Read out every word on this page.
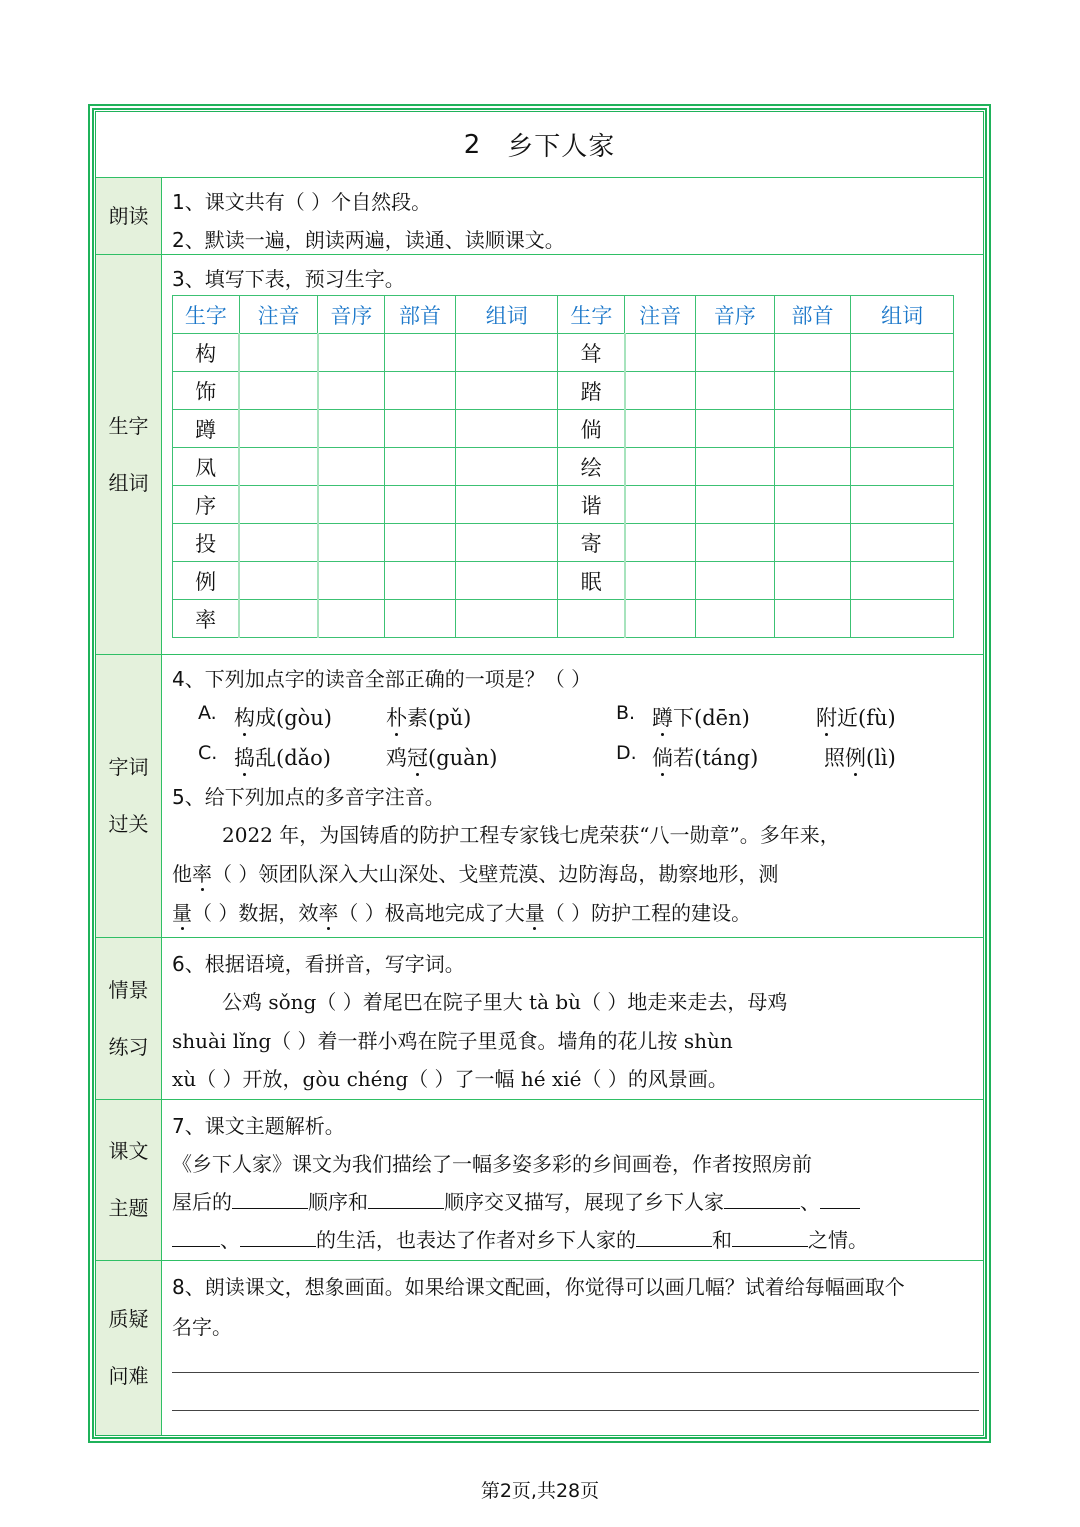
2 乡下人家
朗读
1、课文共有（ ）个自然段。
2、默读一遍，朗读两遍，读通、读顺课文。
生字
组词
3、填写下表，预习生字。
生字	注音	音序	部首	组词	生字	注音	音序	部首	组词
构					耸				
饰					踏				
蹲					倘				
凤					绘				
序					谐				
投					寄				
例					眠				
率									
字词
过关
4、下列加点字的读音全部正确的一项是？（ ）
A. 构成(gòu)	朴素(pǔ)	B. 蹲下(dēn)	附近(fù)
C. 捣乱(dǎo)	鸡冠(guàn)	D. 倘若(táng)	照例(lì)
5、给下列加点的多音字注音。
2022 年，为国铸盾的防护工程专家钱七虎荣获“八一勋章”。多年来，
他率（ ）领团队深入大山深处、戈壁荒漠、边防海岛，勘察地形，测
量（ ）数据，效率（ ）极高地完成了大量（ ）防护工程的建设。
情景
练习
6、根据语境，看拼音，写字词。
公鸡 sǒng（ ）着尾巴在院子里大 tà bù（ ）地走来走去，母鸡
shuài lǐng（ ）着一群小鸡在院子里觅食。墙角的花儿按 shùn
xù（ ）开放，gòu chéng（ ）了一幅 hé xié（ ）的风景画。
课文
主题
7、课文主题解析。
《乡下人家》课文为我们描绘了一幅多姿多彩的乡间画卷，作者按照房前
屋后的	顺序和	顺序交叉描写，展现了乡下人家	、
、	的生活，也表达了作者对乡下人家的	和	之情。
质疑
问难
8、朗读课文，想象画面。如果给课文配画，你觉得可以画几幅？试着给每幅画取个
名字。
第2页,共28页
